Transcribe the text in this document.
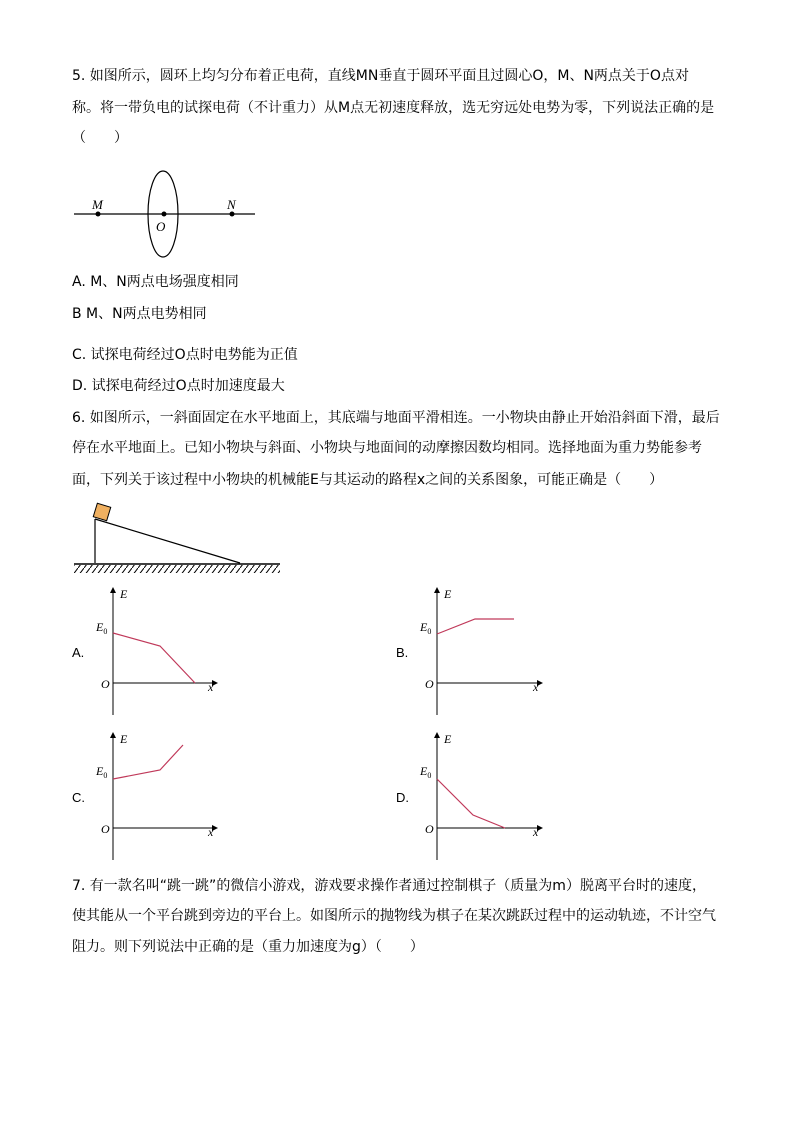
5. 如图所示，圆环上均匀分布着正电荷，直线MN垂直于圆环平面且过圆心O，M、N两点关于O点对
称。将一带负电的试探电荷（不计重力）从M点无初速度释放，选无穷远处电势为零，下列说法正确的是
（　　）
M	N
O
A. M、N两点电场强度相同
B M、N两点电势相同
C. 试探电荷经过O点时电势能为正值
D. 试探电荷经过O点时加速度最大
6. 如图所示，一斜面固定在水平地面上，其底端与地面平滑相连。一小物块由静止开始沿斜面下滑，最后
停在水平地面上。已知小物块与斜面、小物块与地面间的动摩擦因数均相同。选择地面为重力势能参考
面，下列关于该过程中小物块的机械能E与其运动的路程x之间的关系图象，可能正确是（　　）
E
$E_0$
O	x
A.
E
$E_0$
O	x
B.
E
$E_0$
O	x
C.
E
$E_0$
O	x
D.
7. 有一款名叫“跳一跳”的微信小游戏，游戏要求操作者通过控制棋子（质量为m）脱离平台时的速度，
使其能从一个平台跳到旁边的平台上。如图所示的抛物线为棋子在某次跳跃过程中的运动轨迹，不计空气
阻力。则下列说法中正确的是（重力加速度为g）（　　）
